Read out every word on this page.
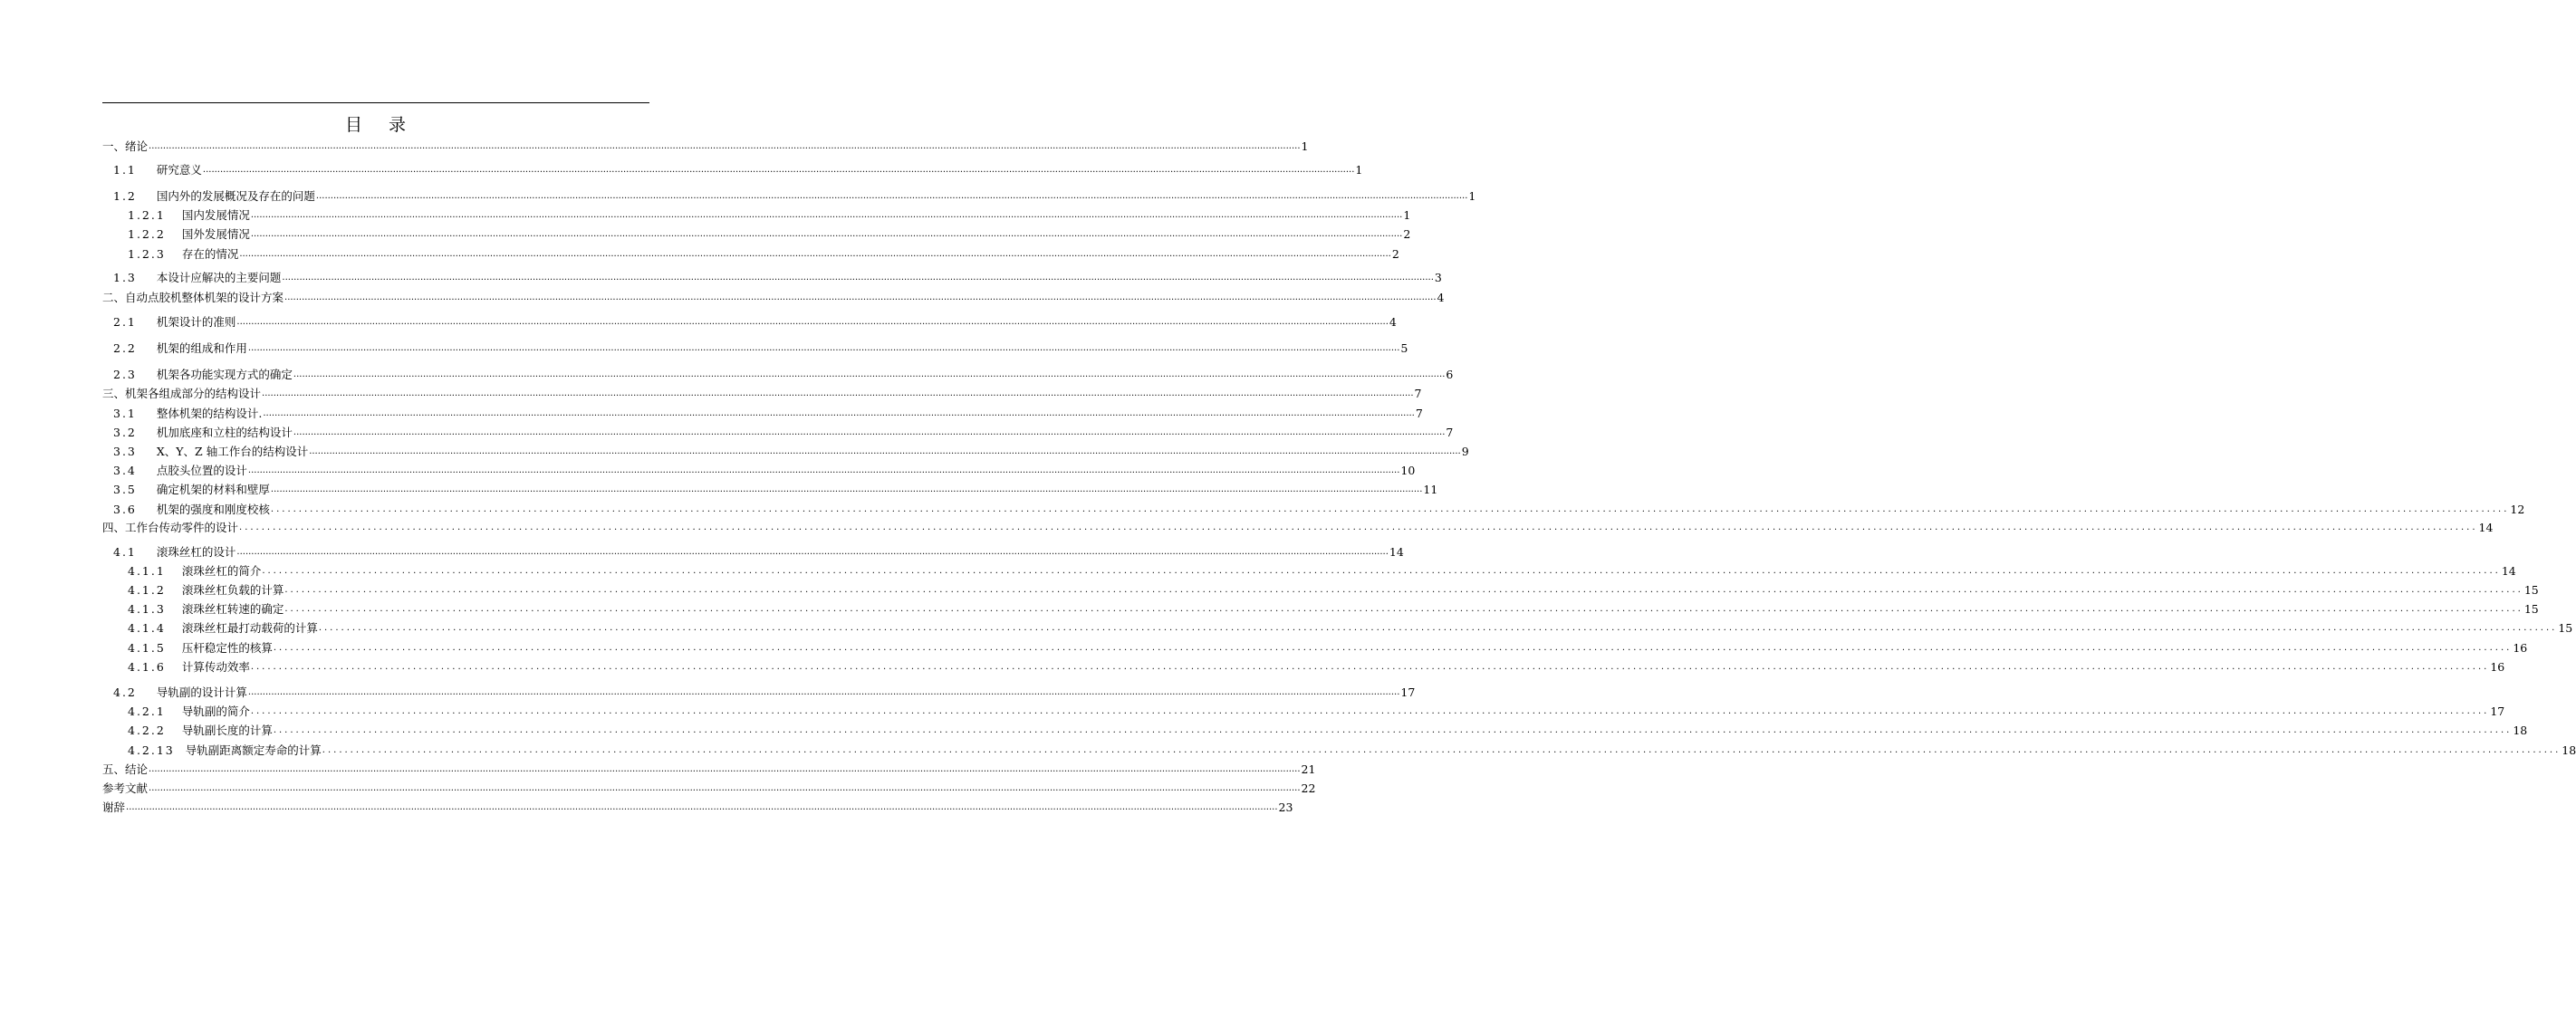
目 录
一、绪论 ................................................................................................................................................................................................................................................................................................................................................................................................................ 1
1.1 研究意义 ................................................................................................................................................................................................................................................................................................................................................................................................................ 1
1.2 国内外的发展概况及存在的问题 ................................................................................................................................................................................................................................................................................................................................................................................................................ 1
1.2.1 国内发展情况 ................................................................................................................................................................................................................................................................................................................................................................................................................ 1
1.2.2 国外发展情况 ................................................................................................................................................................................................................................................................................................................................................................................................................ 2
1.2.3 存在的情况 ................................................................................................................................................................................................................................................................................................................................................................................................................ 2
1.3 本设计应解决的主要问题 ................................................................................................................................................................................................................................................................................................................................................................................................................ 3
二、自动点胶机整体机架的设计方案 ................................................................................................................................................................................................................................................................................................................................................................................................................ 4
2.1 机架设计的准则 ................................................................................................................................................................................................................................................................................................................................................................................................................ 4
2.2 机架的组成和作用 ................................................................................................................................................................................................................................................................................................................................................................................................................ 5
2.3 机架各功能实现方式的确定 ................................................................................................................................................................................................................................................................................................................................................................................................................ 6
三、机架各组成部分的结构设计 ................................................................................................................................................................................................................................................................................................................................................................................................................ 7
3.1 整体机架的结构设计. ................................................................................................................................................................................................................................................................................................................................................................................................................ 7
3.2 机加底座和立柱的结构设计 ................................................................................................................................................................................................................................................................................................................................................................................................................ 7
3.3 X、Y、Z 轴工作台的结构设计 ................................................................................................................................................................................................................................................................................................................................................................................................................ 9
3.4 点胶头位置的设计 ................................................................................................................................................................................................................................................................................................................................................................................................................ 10
3.5 确定机架的材料和壁厚 ................................................................................................................................................................................................................................................................................................................................................................................................................ 11
3.6 机架的强度和刚度校核 ................................................................................................................................................................................................................................................................................................................................................................................................................ 12
四、工作台传动零件的设计 ................................................................................................................................................................................................................................................................................................................................................................................................................ 14
4.1 滚珠丝杠的设计 ................................................................................................................................................................................................................................................................................................................................................................................................................ 14
4.1.1 滚珠丝杠的简介 ................................................................................................................................................................................................................................................................................................................................................................................................................ 14
4.1.2 滚珠丝杠负载的计算 ................................................................................................................................................................................................................................................................................................................................................................................................................ 15
4.1.3 滚珠丝杠转速的确定 ................................................................................................................................................................................................................................................................................................................................................................................................................ 15
4.1.4 滚珠丝杠最打动载荷的计算 ................................................................................................................................................................................................................................................................................................................................................................................................................ 15
4.1.5 压杆稳定性的核算 ................................................................................................................................................................................................................................................................................................................................................................................................................ 16
4.1.6 计算传动效率 ................................................................................................................................................................................................................................................................................................................................................................................................................ 16
4.2 导轨副的设计计算 ................................................................................................................................................................................................................................................................................................................................................................................................................ 17
4.2.1 导轨副的简介 ................................................................................................................................................................................................................................................................................................................................................................................................................ 17
4.2.2 导轨副长度的计算 ................................................................................................................................................................................................................................................................................................................................................................................................................ 18
4.2.13 导轨副距离额定寿命的计算 ................................................................................................................................................................................................................................................................................................................................................................................................................ 18
五、结论 ................................................................................................................................................................................................................................................................................................................................................................................................................ 21
参考文献 ................................................................................................................................................................................................................................................................................................................................................................................................................ 22
谢辞 ................................................................................................................................................................................................................................................................................................................................................................................................................ 23
